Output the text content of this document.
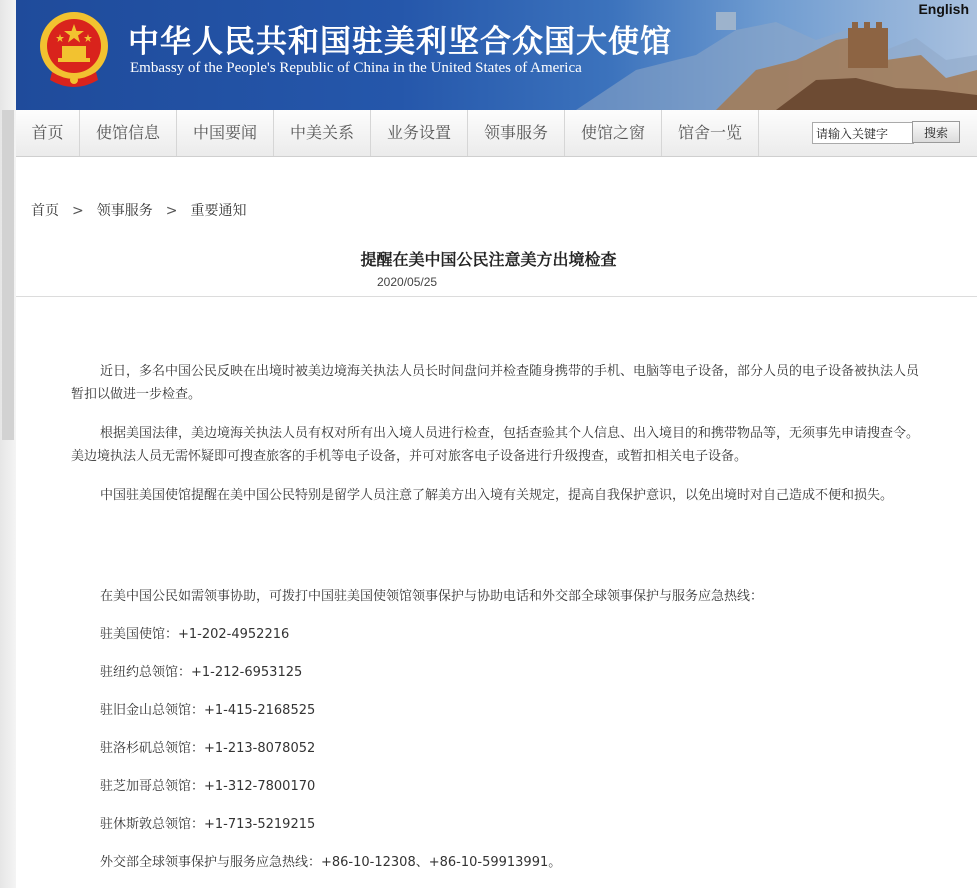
中华人民共和国驻美利坚合众国大使馆
Embassy of the People's Republic of China in the United States of America
English
首页	使馆信息	中国要闻	中美关系	业务设置	领事服务	使馆之窗	馆舍一览
请输入关键字	搜索
首页 > 领事服务 > 重要通知
提醒在美中国公民注意美方出境检查
2020/05/25

近日，多名中国公民反映在出境时被美边境海关执法人员长时间盘问并检查随身携带的手机、电脑等电子设备，部分人员的电子设备被执法人员暂扣以做进一步检查。

根据美国法律，美边境海关执法人员有权对所有出入境人员进行检查，包括查验其个人信息、出入境目的和携带物品等，无须事先申请搜查令。美边境执法人员无需怀疑即可搜查旅客的手机等电子设备，并可对旅客电子设备进行升级搜查，或暂扣相关电子设备。

中国驻美国使馆提醒在美中国公民特别是留学人员注意了解美方出入境有关规定，提高自我保护意识，以免出境时对自己造成不便和损失。

在美中国公民如需领事协助，可拨打中国驻美国使领馆领事保护与协助电话和外交部全球领事保护与服务应急热线：
驻美国使馆：+1-202-4952216
驻纽约总领馆：+1-212-6953125
驻旧金山总领馆：+1-415-2168525
驻洛杉矶总领馆：+1-213-8078052
驻芝加哥总领馆：+1-312-7800170
驻休斯敦总领馆：+1-713-5219215
外交部全球领事保护与服务应急热线：+86-10-12308、+86-10-59913991。
